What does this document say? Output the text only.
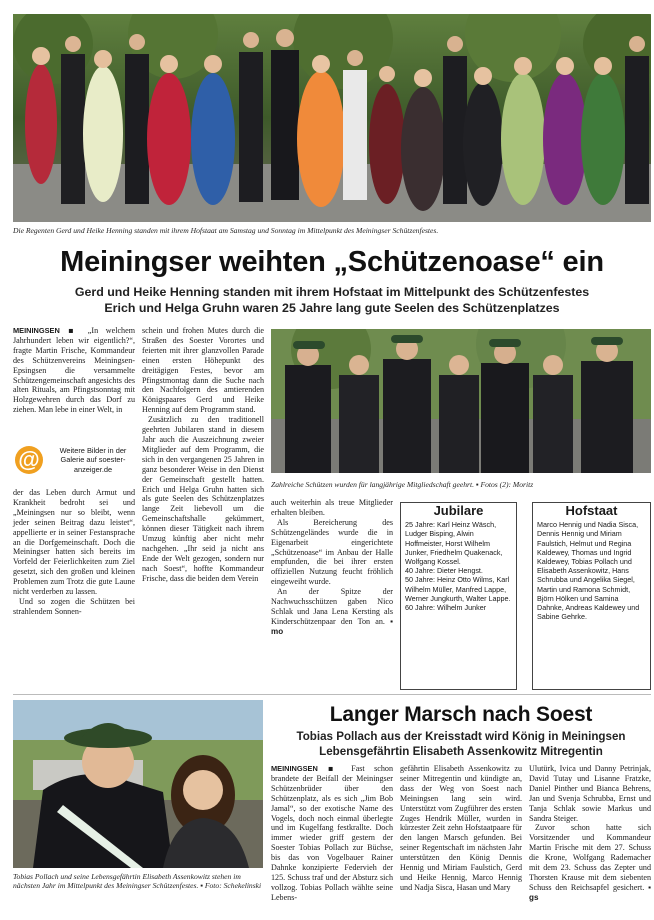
Die Regenten Gerd und Heike Henning standen mit ihrem Hofstaat am Samstag und Sonntag im Mittelpunkt des Meiningser Schützenfestes.
Meiningser weihten „Schützenoase“ ein
Gerd und Heike Henning standen mit ihrem Hofstaat im Mittelpunkt des Schützenfestes
Erich und Helga Gruhn waren 25 Jahre lang gute Seelen des Schützenplatzes

MEININGSEN ▪ „In welchem Jahrhundert leben wir eigentlich?“, fragte Martin Frische, Kommandeur des Schützenvereins Meiningsen-Epsingsen die versammelte Schützengemeinschaft angesichts des alten Rituals, am Pfingstsonntag mit Holzgewehren durch das Dorf zu ziehen. Man lebe in einer Welt, in

@	Weitere Bilder in der Galerie auf soester-anzeiger.de

der das Leben durch Armut und Krankheit bedroht sei und „Meiningsen nur so bleibt, wenn jeder seinen Beitrag dazu leistet“, appellierte er in seiner Festansprache an die Dorfgemeinschaft. Doch die Meiningser hatten sich bereits im Vorfeld der Feierlichkeiten zum Ziel gesetzt, sich den großen und kleinen Problemen zum Trotz die gute Laune nicht verderben zu lassen.

Und so zogen die Schützen bei strahlendem Sonnen-

schein und frohen Mutes durch die Straßen des Soester Vorortes und feierten mit ihrer glanzvollen Parade einen ersten Höhepunkt des dreitägigen Festes, bevor am Pfingstmontag dann die Suche nach den Nachfolgern des amtierenden Königspaares Gerd und Heike Henning auf dem Programm stand.

Zusätzlich zu den traditionell geehrten Jubilaren stand in diesem Jahr auch die Auszeichnung zweier Mitglieder auf dem Programm, die sich in den vergangenen 25 Jahren in ganz besonderer Weise in den Dienst der Gemeinschaft gestellt hatten. Erich und Helga Gruhn hatten sich als gute Seelen des Schützenplatzes lange Zeit liebevoll um die Gemeinschaftshalle gekümmert, können dieser Tätigkeit nach ihrem Umzug künftig aber nicht mehr nachgehen. „Ihr seid ja nicht ans Ende der Welt gezogen, sondern nur nach Soest“, hoffte Kommandeur Frische, dass die beiden dem Verein

Zahlreiche Schützen wurden für langjährige Mitgliedschaft geehrt. ▪ Fotos (2): Moritz

auch weiterhin als treue Mitglieder erhalten bleiben.

Als Bereicherung des Schützengeländes wurde die in Eigenarbeit eingerichtete „Schützenoase“ im Anbau der Halle empfunden, die bei ihrer ersten offiziellen Nutzung feucht fröhlich eingeweiht wurde.

An der Spitze der Nachwuchsschützen gaben Nico Schlak und Jana Lena Kersting als Kinderschützenpaar den Ton an. ▪ mo

Jubilare
25 Jahre: Karl Heinz Wäsch, Ludger Bisping, Alwin Hoffmeister, Horst Wilhelm Junker, Friedhelm Quakenack, Wolfgang Kossel.
40 Jahre: Dieter Hengst.
50 Jahre: Heinz Otto Wilms, Karl Wilhelm Müller, Manfred Lappe, Werner Jungkurth, Walter Lappe.
60 Jahre: Wilhelm Junker
Hofstaat
Marco Hennig und Nadia Sisca, Dennis Hennig und Miriam Faulstich, Helmut und Regina Kaldewey, Thomas und Ingrid Kaldewey, Tobias Pollach und Elisabeth Assenkowitz, Hans Schrubba und Angelika Siegel, Martin und Ramona Schmidt, Björn Hölken und Samina Dahnke, Andreas Kaldewey und Sabine Gehrke.
Tobias Pollach und seine Lebensgefährtin Elisabeth Assenkowitz stehen im nächsten Jahr im Mittelpunkt des Meiningser Schützenfestes. ▪ Foto: Schekelinski
Langer Marsch nach Soest
Tobias Pollach aus der Kreisstadt wird König in Meiningsen
Lebensgefährtin Elisabeth Assenkowitz Mitregentin

MEININGSEN ▪ Fast schon brandete der Beifall der Meiningser Schützenbrüder über den Schützenplatz, als es sich „Jim Bob Jamal“, so der exotische Name des Vogels, doch noch einmal überlegte und im Kugelfang festkrallte. Doch immer wieder griff gestern der Soester Tobias Pollach zur Büchse, bis das von Vogelbauer Rainer Dahnke konzipierte Federvieh der 125. Schuss traf und der Absturz sich vollzog. Tobias Pollach wählte seine Lebens-

gefährtin Elisabeth Assenkowitz zu seiner Mitregentin und kündigte an, dass der Weg von Soest nach Meiningsen lang sein wird. Unterstützt vom Zugführer des ersten Zuges Hendrik Müller, wurden in kürzester Zeit zehn Hofstaatpaare für den langen Marsch gefunden. Bei seiner Regentschaft im nächsten Jahr unterstützen den König Dennis Hennig und Miriam Faulstich, Gerd und Heike Hennig, Marco Hennig und Nadja Sisca, Hasan und Mary

Ulutürk, Ivica und Danny Petrinjak, David Tutay und Lisanne Fratzke, Daniel Pinther und Bianca Behrens, Jan und Svenja Schrubba, Ernst und Tanja Schlak sowie Markus und Sandra Steiger.

Zuvor schon hatte sich Vorsitzender und Kommandeur Martin Frische mit dem 27. Schuss die Krone, Wolfgang Rademacher mit dem 23. Schuss das Zepter und Thorsten Krause mit dem siebenten Schuss den Reichsapfel gesichert. ▪ gs
